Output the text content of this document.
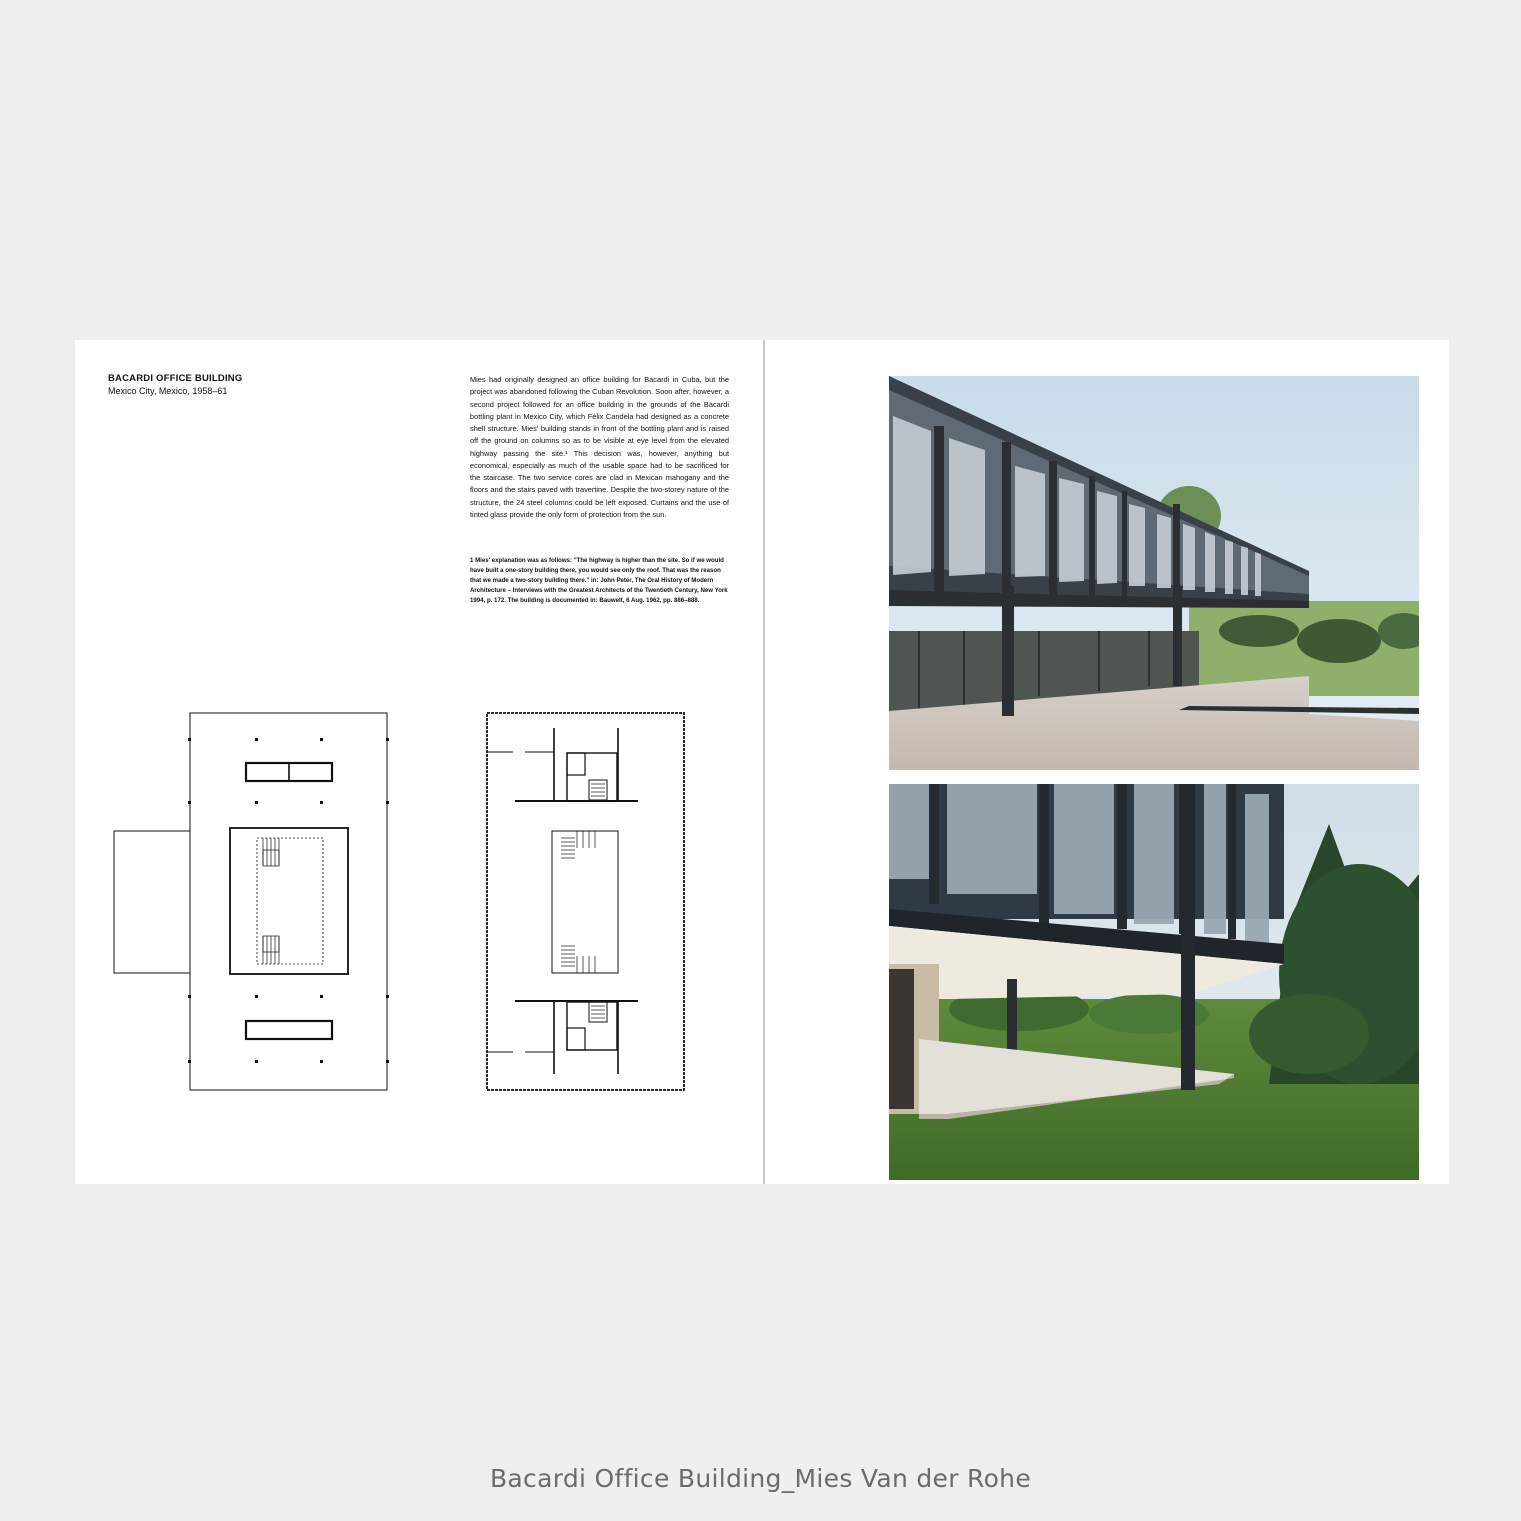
BACARDI OFFICE BUILDING
Mexico City, Mexico, 1958–61
Mies had originally designed an office building for Bacardi in Cuba, but the project was abandoned following the Cuban Revolution. Soon after, however, a second project followed for an office building in the grounds of the Bacardi bottling plant in Mexico City, which Félix Candela had designed as a concrete shell structure. Mies' building stands in front of the bottling plant and is raised off the ground on columns so as to be visible at eye level from the elevated highway passing the site.¹ This decision was, however, anything but economical, especially as much of the usable space had to be sacrificed for the staircase. The two service cores are clad in Mexican mahogany and the floors and the stairs paved with travertine. Despite the two-storey nature of the structure, the 24 steel columns could be left exposed. Curtains and the use of tinted glass provide the only form of protection from the sun.
1 Mies' explanation was as follows: "The highway is higher than the site. So if we would have built a one-story building there, you would see only the roof. That was the reason that we made a two-story building there." in: John Peter, The Oral History of Modern Architecture – Interviews with the Greatest Architects of the Twentieth Century, New York 1994, p. 172. The building is documented in: Bauwelt, 6 Aug. 1962, pp. 886–888.
Bacardi Office Building_Mies Van der Rohe
